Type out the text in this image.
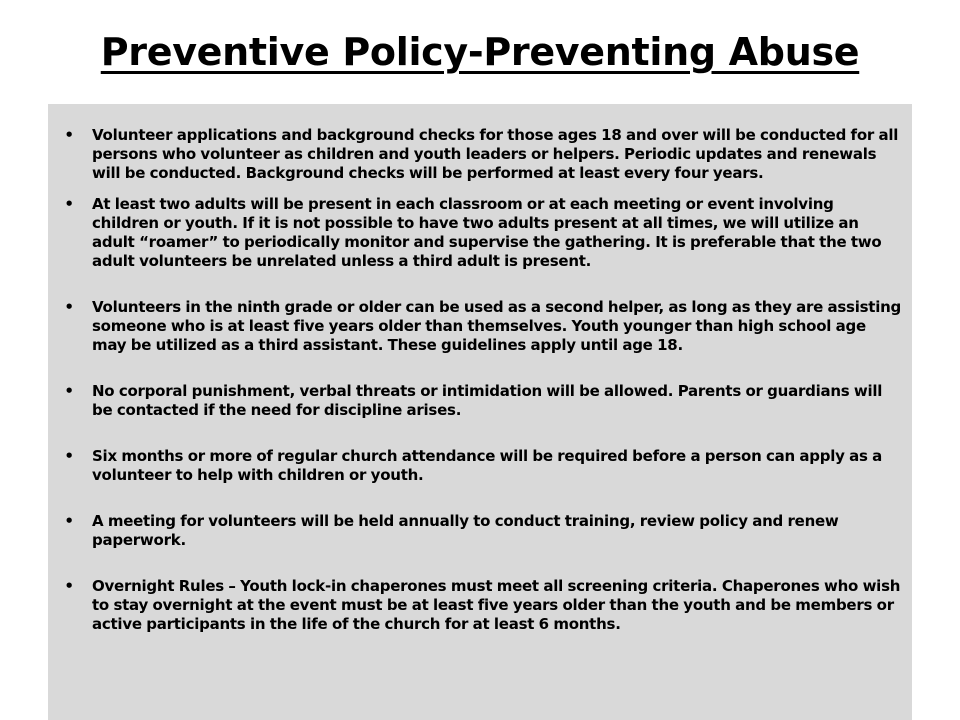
Preventive Policy-Preventing Abuse
• Volunteer applications and background checks for those ages 18 and over will be conducted for all persons who volunteer as children and youth leaders or helpers. Periodic updates and renewals will be conducted. Background checks will be performed at least every four years.
• At least two adults will be present in each classroom or at each meeting or event involving children or youth. If it is not possible to have two adults present at all times, we will utilize an adult “roamer” to periodically monitor and supervise the gathering. It is preferable that the two adult volunteers be unrelated unless a third adult is present.
• Volunteers in the ninth grade or older can be used as a second helper, as long as they are assisting someone who is at least five years older than themselves. Youth younger than high school age may be utilized as a third assistant. These guidelines apply until age 18.
• No corporal punishment, verbal threats or intimidation will be allowed. Parents or guardians will be contacted if the need for discipline arises.
• Six months or more of regular church attendance will be required before a person can apply as a volunteer to help with children or youth.
• A meeting for volunteers will be held annually to conduct training, review policy and renew paperwork.
• Overnight Rules – Youth lock-in chaperones must meet all screening criteria. Chaperones who wish to stay overnight at the event must be at least five years older than the youth and be members or active participants in the life of the church for at least 6 months.
